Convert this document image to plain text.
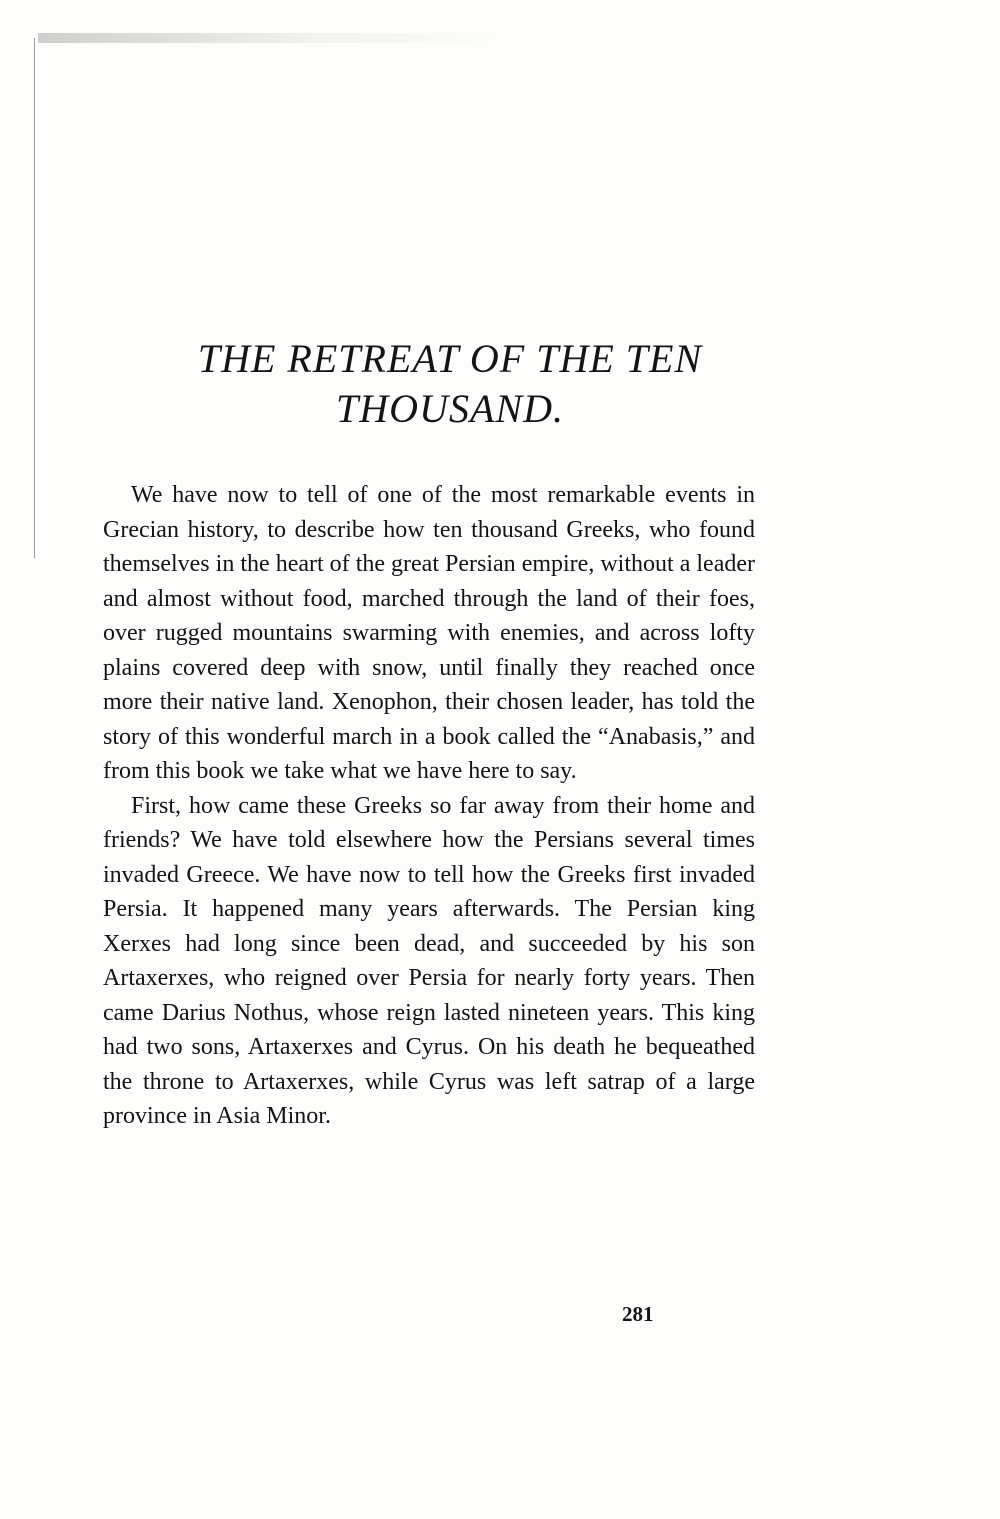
THE RETREAT OF THE TEN
THOUSAND.

We have now to tell of one of the most remarkable events in Grecian history, to describe how ten thousand Greeks, who found themselves in the heart of the great Persian empire, without a leader and almost without food, marched through the land of their foes, over rugged mountains swarming with enemies, and across lofty plains covered deep with snow, until finally they reached once more their native land. Xenophon, their chosen leader, has told the story of this wonderful march in a book called the “Anabasis,” and from this book we take what we have here to say.

First, how came these Greeks so far away from their home and friends? We have told elsewhere how the Persians several times invaded Greece. We have now to tell how the Greeks first invaded Persia. It happened many years afterwards. The Persian king Xerxes had long since been dead, and succeeded by his son Artaxerxes, who reigned over Persia for nearly forty years. Then came Darius Nothus, whose reign lasted nineteen years. This king had two sons, Artaxerxes and Cyrus. On his death he bequeathed the throne to Artaxerxes, while Cyrus was left satrap of a large province in Asia Minor.

281
